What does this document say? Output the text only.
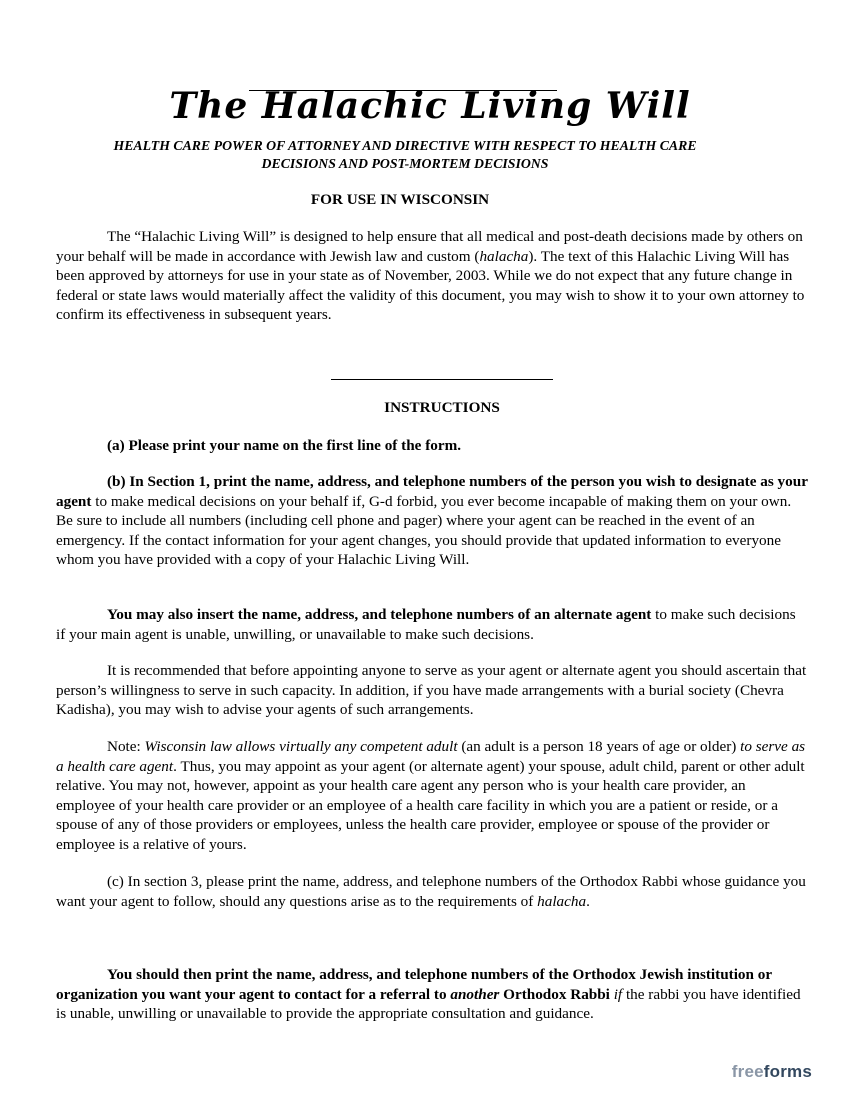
The Halachic Living Will
HEALTH CARE POWER OF ATTORNEY AND DIRECTIVE WITH RESPECT TO HEALTH CARE
DECISIONS AND POST-MORTEM DECISIONS
FOR USE IN WISCONSIN

The “Halachic Living Will” is designed to help ensure that all medical and post-death decisions made by others on your behalf will be made in accordance with Jewish law and custom (halacha). The text of this Halachic Living Will has been approved by attorneys for use in your state as of November, 2003. While we do not expect that any future change in federal or state laws would materially affect the validity of this document, you may wish to show it to your own attorney to confirm its effectiveness in subsequent years.

INSTRUCTIONS

(a) Please print your name on the first line of the form.

(b) In Section 1, print the name, address, and telephone numbers of the person you wish to designate as your agent to make medical decisions on your behalf if, G-d forbid, you ever become incapable of making them on your own. Be sure to include all numbers (including cell phone and pager) where your agent can be reached in the event of an emergency. If the contact information for your agent changes, you should provide that updated information to everyone whom you have provided with a copy of your Halachic Living Will.

You may also insert the name, address, and telephone numbers of an alternate agent to make such decisions if your main agent is unable, unwilling, or unavailable to make such decisions.

It is recommended that before appointing anyone to serve as your agent or alternate agent you should ascertain that person’s willingness to serve in such capacity. In addition, if you have made arrangements with a burial society (Chevra Kadisha), you may wish to advise your agents of such arrangements.

Note: Wisconsin law allows virtually any competent adult (an adult is a person 18 years of age or older) to serve as a health care agent. Thus, you may appoint as your agent (or alternate agent) your spouse, adult child, parent or other adult relative. You may not, however, appoint as your health care agent any person who is your health care provider, an employee of your health care provider or an employee of a health care facility in which you are a patient or reside, or a spouse of any of those providers or employees, unless the health care provider, employee or spouse of the provider or employee is a relative of yours.

(c) In section 3, please print the name, address, and telephone numbers of the Orthodox Rabbi whose guidance you want your agent to follow, should any questions arise as to the requirements of halacha.

You should then print the name, address, and telephone numbers of the Orthodox Jewish institution or organization you want your agent to contact for a referral to another Orthodox Rabbi if the rabbi you have identified is unable, unwilling or unavailable to provide the appropriate consultation and guidance.

freeforms
